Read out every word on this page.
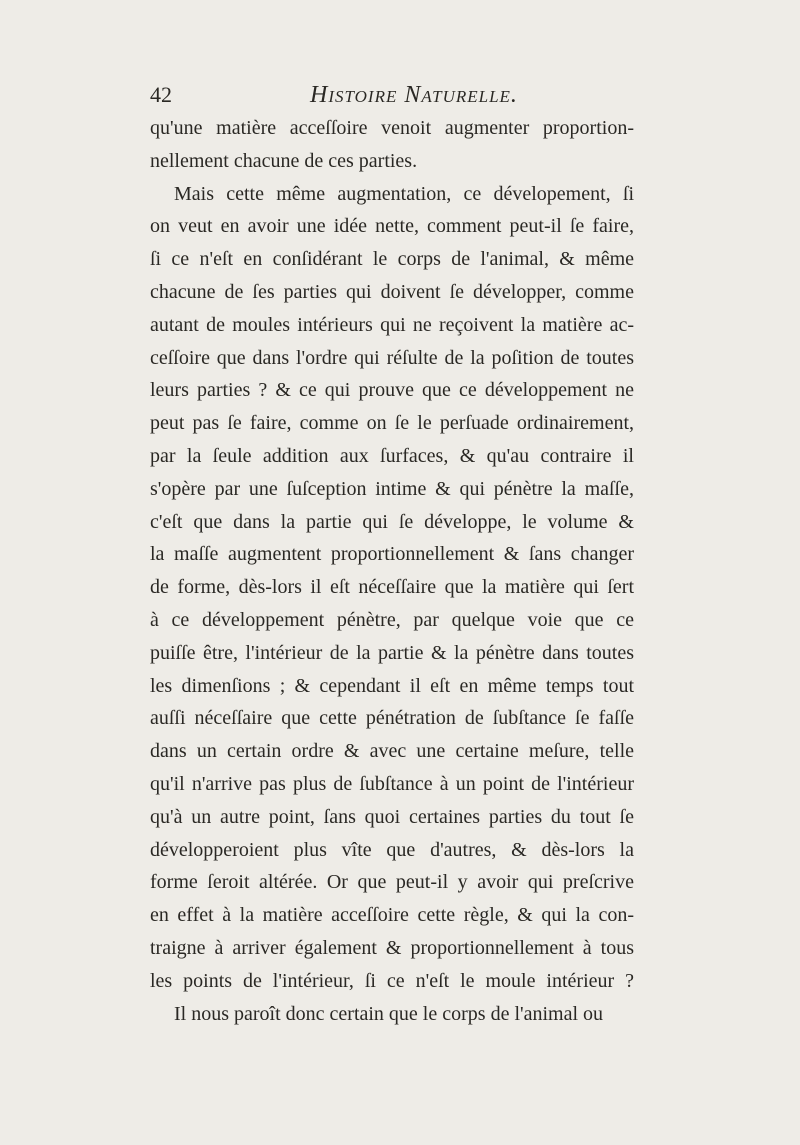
42	Histoire Naturelle.
qu'une matière acceſſoire venoit augmenter proportion-
nellement chacune de ces parties.
Mais cette même augmentation, ce dévelopement, ſi
on veut en avoir une idée nette, comment peut-il ſe faire,
ſi ce n'eſt en conſidérant le corps de l'animal, & même
chacune de ſes parties qui doivent ſe développer, comme
autant de moules intérieurs qui ne reçoivent la matière ac-
ceſſoire que dans l'ordre qui réſulte de la poſition de toutes
leurs parties ? & ce qui prouve que ce développement ne
peut pas ſe faire, comme on ſe le perſuade ordinairement,
par la ſeule addition aux ſurfaces, & qu'au contraire il
s'opère par une ſuſception intime & qui pénètre la maſſe,
c'eſt que dans la partie qui ſe développe, le volume &
la maſſe augmentent proportionnellement & ſans changer
de forme, dès-lors il eſt néceſſaire que la matière qui ſert
à ce développement pénètre, par quelque voie que ce
puiſſe être, l'intérieur de la partie & la pénètre dans toutes
les dimenſions ; & cependant il eſt en même temps tout
auſſi néceſſaire que cette pénétration de ſubſtance ſe faſſe
dans un certain ordre & avec une certaine meſure, telle
qu'il n'arrive pas plus de ſubſtance à un point de l'intérieur
qu'à un autre point, ſans quoi certaines parties du tout ſe
développeroient plus vîte que d'autres, & dès-lors la
forme ſeroit altérée. Or que peut-il y avoir qui preſcrive
en effet à la matière acceſſoire cette règle, & qui la con-
traigne à arriver également & proportionnellement à tous
les points de l'intérieur, ſi ce n'eſt le moule intérieur ?
Il nous paroît donc certain que le corps de l'animal ou
